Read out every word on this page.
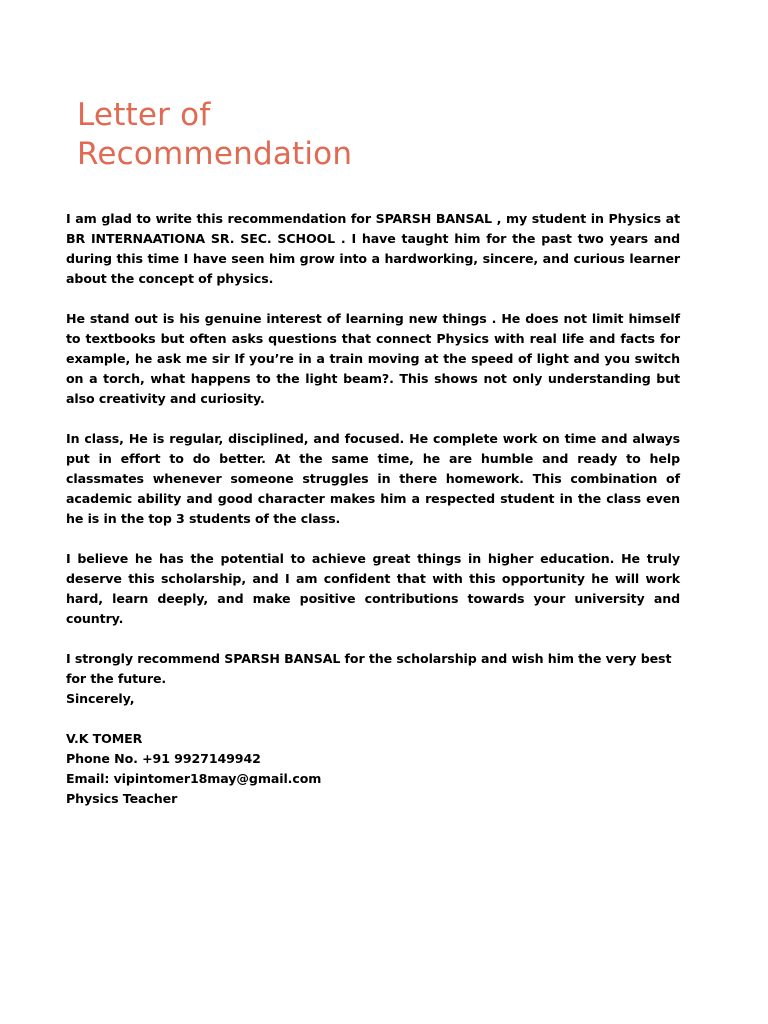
Letter of
Recommendation

I am glad to write this recommendation for SPARSH BANSAL , my student in Physics at BR INTERNAATIONA SR. SEC. SCHOOL . I have taught him for the past two years and during this time I have seen him grow into a hardworking, sincere, and curious learner about the concept of physics.

He stand out is his genuine interest of learning new things . He does not limit himself to textbooks but often asks questions that connect Physics with real life and facts for example, he ask me sir If you’re in a train moving at the speed of light and you switch on a torch, what happens to the light beam?. This shows not only understanding but also creativity and curiosity.

In class, He is regular, disciplined, and focused. He complete work on time and always put in effort to do better. At the same time, he are humble and ready to help classmates whenever someone struggles in there homework. This combination of academic ability and good character makes him a respected student in the class even he is in the top 3 students of the class.

I believe he has the potential to achieve great things in higher education. He truly deserve this scholarship, and I am confident that with this opportunity he will work hard, learn deeply, and make positive contributions towards your university and country.

I strongly recommend SPARSH BANSAL for the scholarship and wish him the very best for the future.

Sincerely,

V.K TOMER

Phone No. +91 9927149942

Email: vipintomer18may@gmail.com

Physics Teacher
